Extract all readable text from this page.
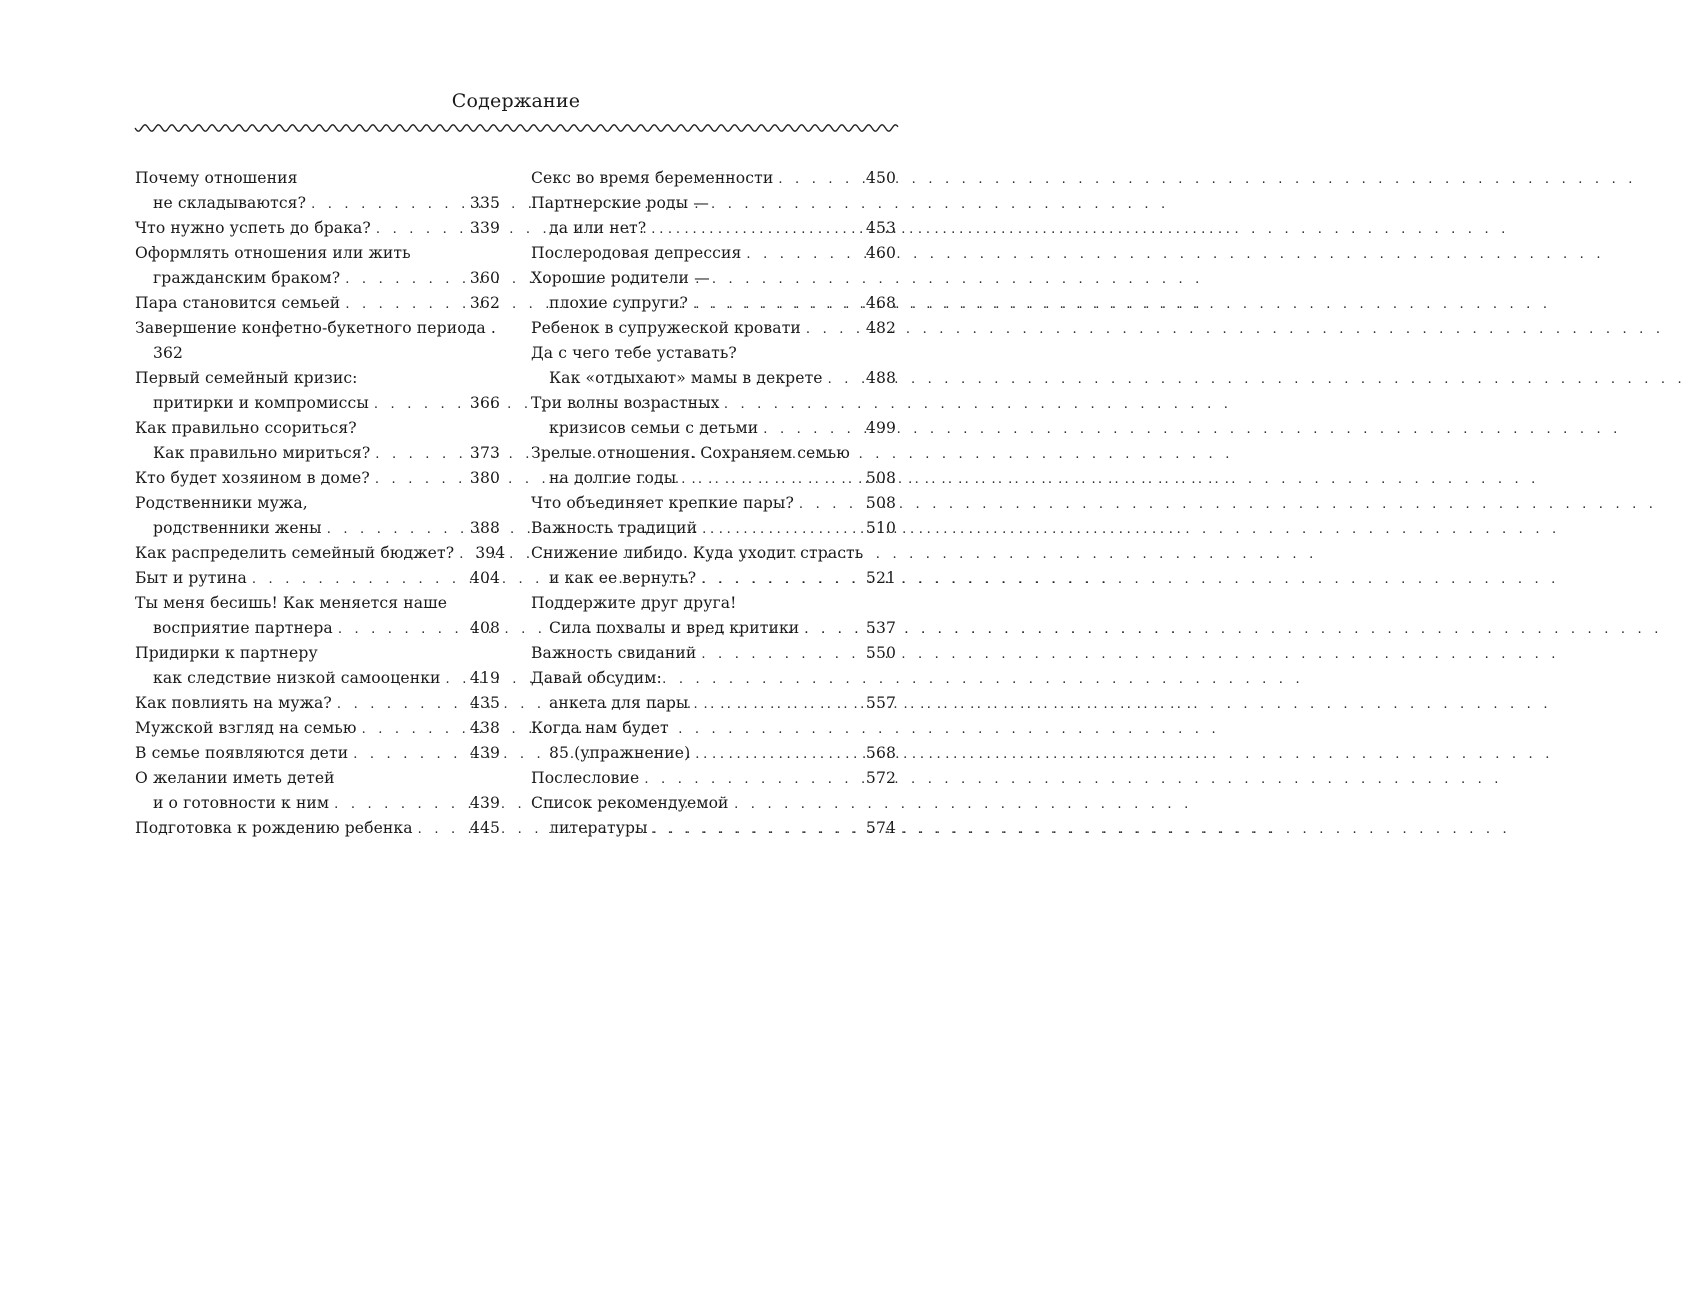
Содержание
Почему отношения
не складываются? . . .	335
Что нужно успеть до брака? . . .	339
Оформлять отношения или жить
гражданским браком? . . .	360
Пара становится семьей . . .	362
Завершение конфетно-букетного периода .
362
Первый семейный кризис:
притирки и компромиссы . . .	366
Как правильно ссориться?
Как правильно мириться? . . .	373
Кто будет хозяином в доме? . . .	380
Родственники мужа,
родственники жены . . .	388
Как распределить семейный бюджет? . . . 394
Быт и рутина . . .	404
Ты меня бесишь! Как меняется наше
восприятие партнера . . .	408
Придирки к партнеру
как следствие низкой самооценки . . . 419
Как повлиять на мужа? . . .	435
Мужской взгляд на семью . . .	438
В семье появляются дети . . .	439
О желании иметь детей
и о готовности к ним . . .	439
Подготовка к рождению ребенка . . .	445
Секс во время беременности . . .	450
Партнерские роды —
да или нет? . . .	453
Послеродовая депрессия . . .	460
Хорошие родители —
плохие супруги? . . .	468
Ребенок в супружеской кровати . . .	482
Да с чего тебе уставать?
Как «отдыхают» мамы в декрете . . .	488
Три волны возрастных
кризисов семьи с детьми . . .	499
Зрелые отношения. Сохраняем семью
на долгие годы . . .	508
Что объединяет крепкие пары? . . .	508
Важность традиций . . .	510
Снижение либидо. Куда уходит страсть
и как ее вернуть? . . .	521
Поддержите друг друга!
Сила похвалы и вред критики . . .	537
Важность свиданий . . .	550
Давай обсудим:
анкета для пары . . .	557
Когда нам будет
85 (упражнение) . . .	568
Послесловие . . .	572
Список рекомендуемой
литературы . . .	574
